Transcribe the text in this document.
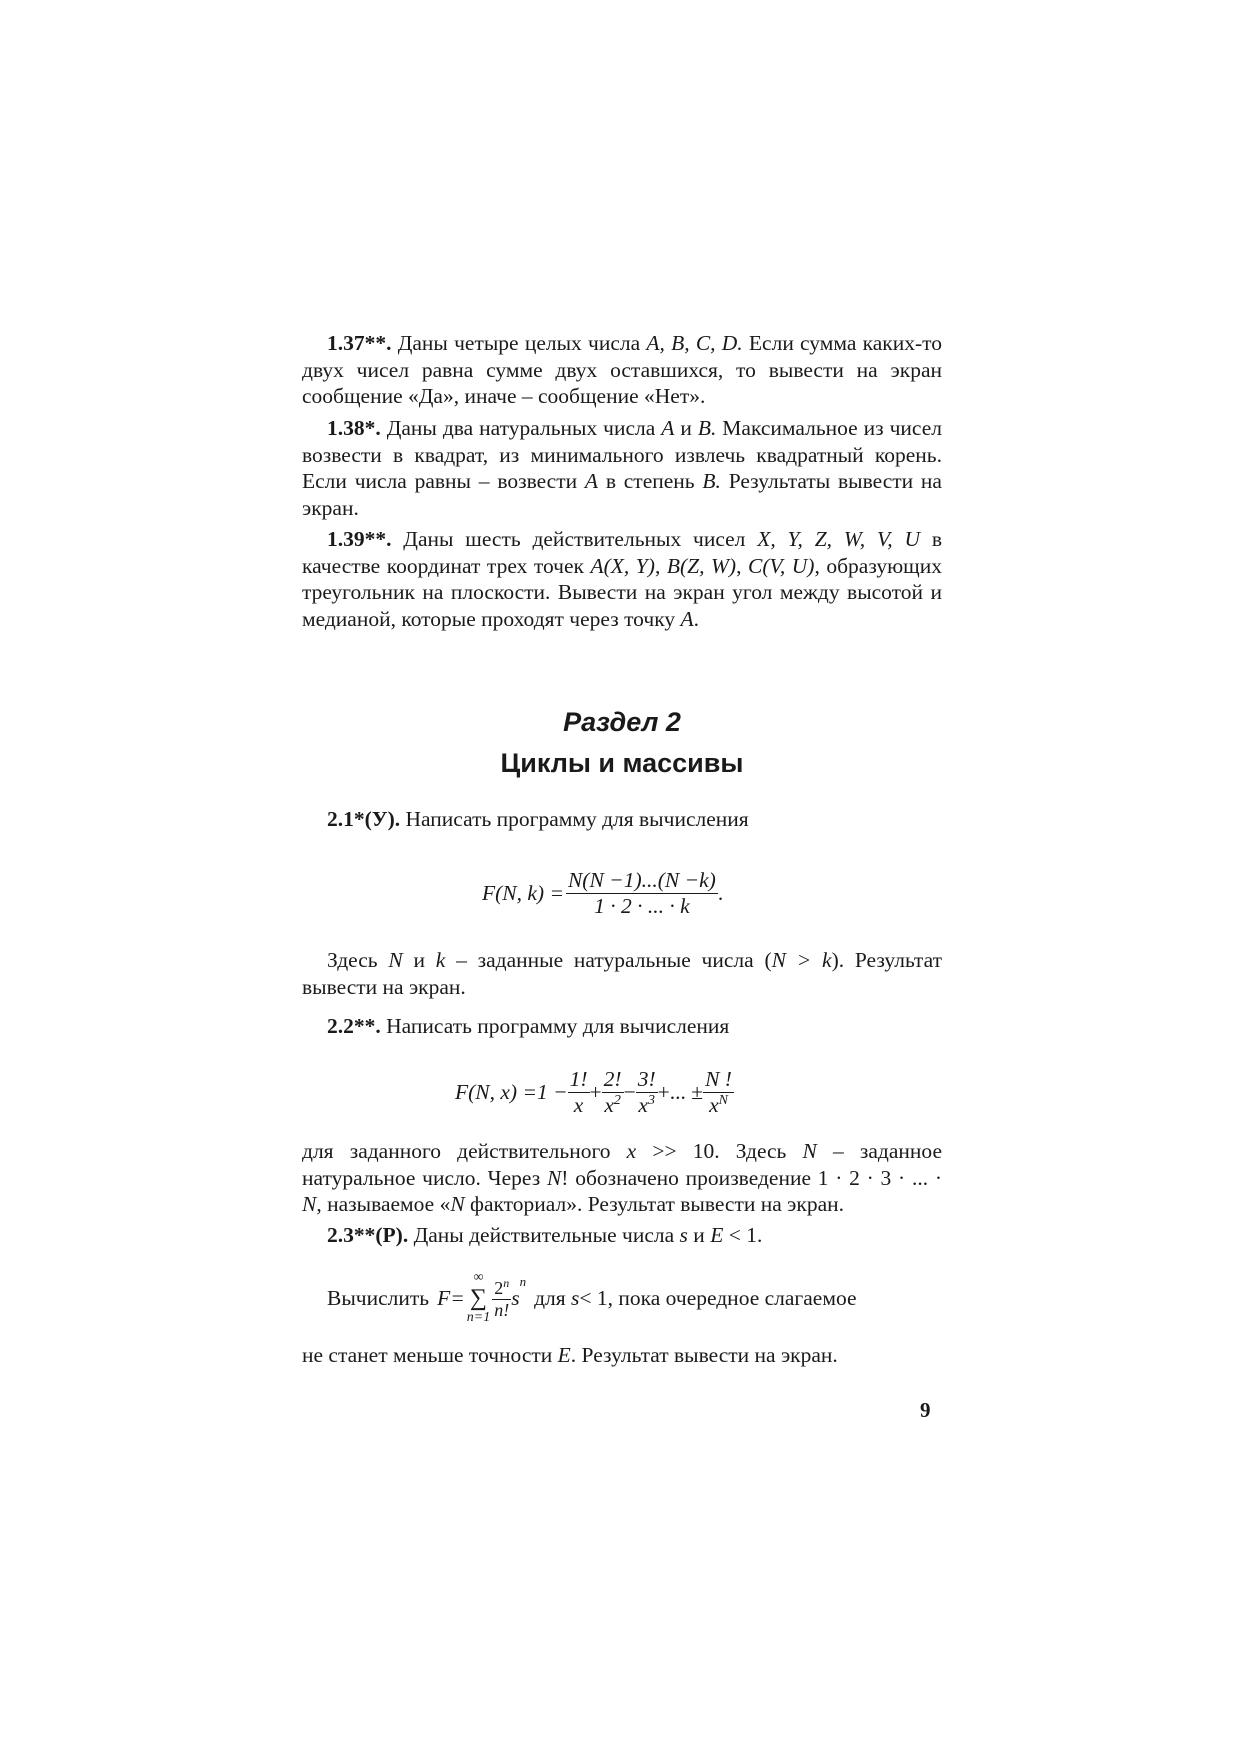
1.37**. Даны четыре целых числа A, B, C, D. Если сумма каких-то двух чисел равна сумме двух оставшихся, то вывести на экран сообщение «Да», иначе – сообщение «Нет».
1.38*. Даны два натуральных числа A и B. Максимальное из чисел возвести в квадрат, из минимального извлечь квадратный корень. Если числа равны – возвести A в степень B. Результаты вывести на экран.
1.39**. Даны шесть действительных чисел X, Y, Z, W, V, U в качестве координат трех точек A(X, Y), B(Z, W), C(V, U), образующих треугольник на плоскости. Вывести на экран угол между высотой и медианой, которые проходят через точку A.
Раздел 2
Циклы и массивы
2.1*(У). Написать программу для вычисления
F(N, $k) = \frac{N(N -1)...(N -k)}{1 \cdot 2 \cdot ... \cdot k}$ .
Здесь N и k – заданные натуральные числа (N > k). Результат вывести на экран.
2.2**. Написать программу для вычисления
F(N, $x) =1 - \frac{1!}{x} + \frac{2!}{x^2} - \frac{3!}{x^3}$ +... ± $\frac{N !}{x^N}$
для заданного действительного x >> 10. Здесь N – заданное натуральное число. Через N! обозначено произведение 1 · 2 · 3 · ... · N, называемое «N факториал». Результат вывести на экран.
2.3**(Р). Даны действительные числа s и E < 1.
Вычислить F=
∞
∑
$n=1 \frac{2^n}{n!}$ s
$^n$
для
s < 1, пока очередное слагаемое
не станет меньше точности E. Результат вывести на экран.
9
